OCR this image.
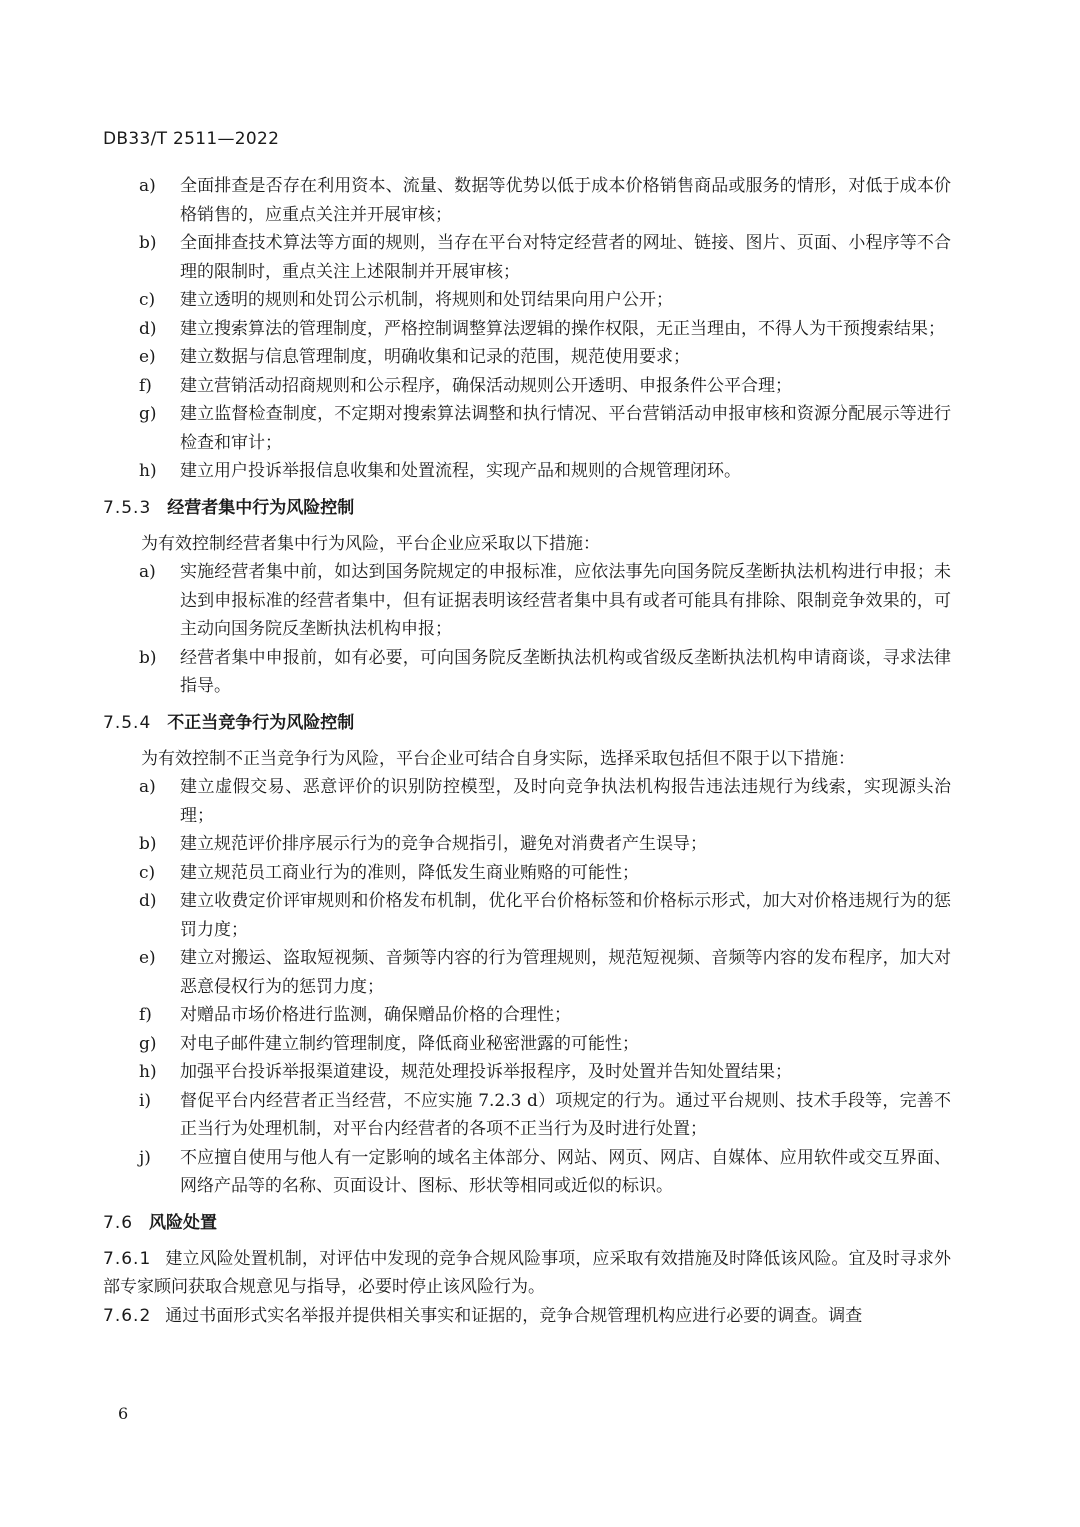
DB33/T 2511—2022
a)	全面排查是否存在利用资本、流量、数据等优势以低于成本价格销售商品或服务的情形，对低于成本价格销售的，应重点关注并开展审核；
b)	全面排查技术算法等方面的规则，当存在平台对特定经营者的网址、链接、图片、页面、小程序等不合理的限制时，重点关注上述限制并开展审核；
c)	建立透明的规则和处罚公示机制，将规则和处罚结果向用户公开；
d)	建立搜索算法的管理制度，严格控制调整算法逻辑的操作权限，无正当理由，不得人为干预搜索结果；
e)	建立数据与信息管理制度，明确收集和记录的范围，规范使用要求；
f)	建立营销活动招商规则和公示程序，确保活动规则公开透明、申报条件公平合理；
g)	建立监督检查制度，不定期对搜索算法调整和执行情况、平台营销活动申报审核和资源分配展示等进行检查和审计；
h)	建立用户投诉举报信息收集和处置流程，实现产品和规则的合规管理闭环。
7.5.3 经营者集中行为风险控制
为有效控制经营者集中行为风险，平台企业应采取以下措施：
a)	实施经营者集中前，如达到国务院规定的申报标准，应依法事先向国务院反垄断执法机构进行申报；未达到申报标准的经营者集中，但有证据表明该经营者集中具有或者可能具有排除、限制竞争效果的，可主动向国务院反垄断执法机构申报；
b)	经营者集中申报前，如有必要，可向国务院反垄断执法机构或省级反垄断执法机构申请商谈，寻求法律指导。
7.5.4 不正当竞争行为风险控制
为有效控制不正当竞争行为风险，平台企业可结合自身实际，选择采取包括但不限于以下措施：
a)	建立虚假交易、恶意评价的识别防控模型，及时向竞争执法机构报告违法违规行为线索，实现源头治理；
b)	建立规范评价排序展示行为的竞争合规指引，避免对消费者产生误导；
c)	建立规范员工商业行为的准则，降低发生商业贿赂的可能性；
d)	建立收费定价评审规则和价格发布机制，优化平台价格标签和价格标示形式，加大对价格违规行为的惩罚力度；
e)	建立对搬运、盗取短视频、音频等内容的行为管理规则，规范短视频、音频等内容的发布程序，加大对恶意侵权行为的惩罚力度；
f)	对赠品市场价格进行监测，确保赠品价格的合理性；
g)	对电子邮件建立制约管理制度，降低商业秘密泄露的可能性；
h)	加强平台投诉举报渠道建设，规范处理投诉举报程序，及时处置并告知处置结果；
i)	督促平台内经营者正当经营，不应实施 7.2.3 d）项规定的行为。通过平台规则、技术手段等，完善不正当行为处理机制，对平台内经营者的各项不正当行为及时进行处置；
j)	不应擅自使用与他人有一定影响的域名主体部分、网站、网页、网店、自媒体、应用软件或交互界面、网络产品等的名称、页面设计、图标、形状等相同或近似的标识。
7.6 风险处置
7.6.1 建立风险处置机制，对评估中发现的竞争合规风险事项，应采取有效措施及时降低该风险。宜及时寻求外部专家顾问获取合规意见与指导，必要时停止该风险行为。
7.6.2 通过书面形式实名举报并提供相关事实和证据的，竞争合规管理机构应进行必要的调查。调查
6
